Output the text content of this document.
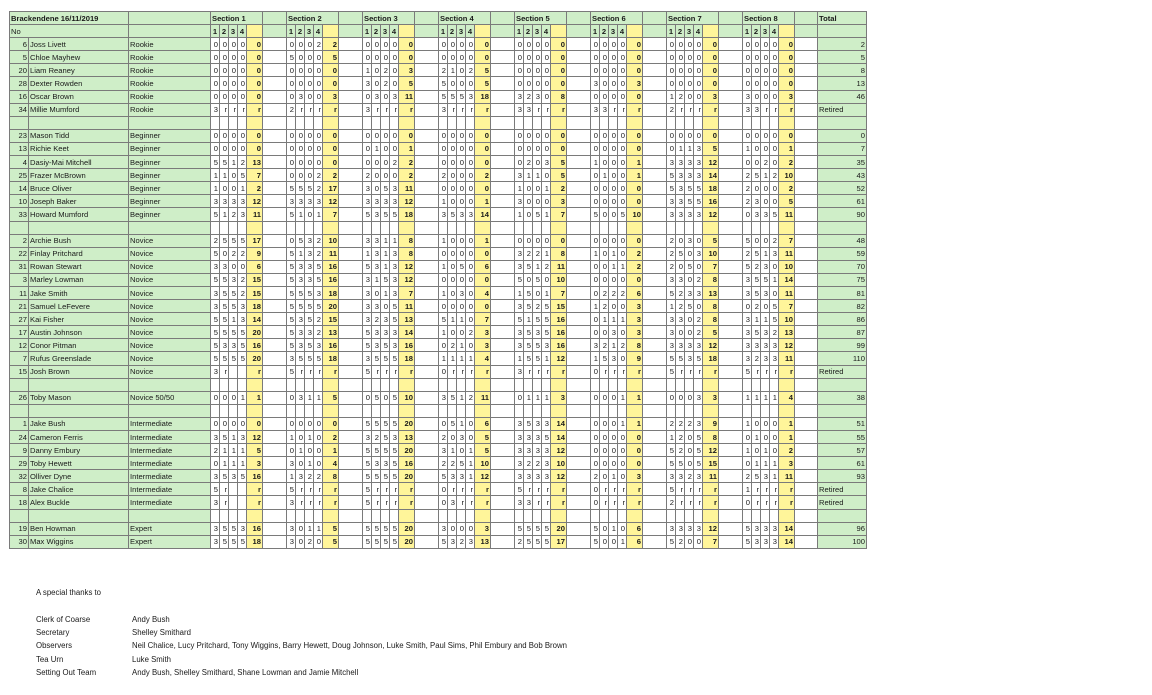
Brackendene 16/11/2019			Section 1						Section 2						Section 3						Section 4						Section 5						Section 6						Section 7						Section 8						Total
No			1	2	3	4			1	2	3	4			1	2	3	4			1	2	3	4			1	2	3	4			1	2	3	4			1	2	3	4			1	2	3	4			
6	Joss Livett	Rookie	0	0	0	0	0		0	0	0	2	2		0	0	0	0	0		0	0	0	0	0		0	0	0	0	0		0	0	0	0	0		0	0	0	0	0		0	0	0	0	0		2
5	Chloe Mayhew	Rookie	0	0	0	0	0		5	0	0	0	5		0	0	0	0	0		0	0	0	0	0		0	0	0	0	0		0	0	0	0	0		0	0	0	0	0		0	0	0	0	0		5
20	Liam Reaney	Rookie	0	0	0	0	0		0	0	0	0	0		1	0	2	0	3		2	1	0	2	5		0	0	0	0	0		0	0	0	0	0		0	0	0	0	0		0	0	0	0	0		8
28	Dexter Rowden	Rookie	0	0	0	0	0		0	0	0	0	0		3	0	2	0	5		5	0	0	0	5		0	0	0	0	0		3	0	0	0	3		0	0	0	0	0		0	0	0	0	0		13
16	Oscar Brown	Rookie	0	0	0	0	0		0	3	0	0	3		0	3	0	3	11		5	5	5	3	18		3	2	3	0	8		0	0	0	0	0		1	2	0	0	3		3	0	0	0	3		46
34	Millie Mumford	Rookie	3	r	r	r	r		2	r	r	r	r		3	r	r	r	r		3	r	r	r	r		3	3	r	r	r		3	3	r	r	r		2	r	r	r	r		3	3	r	r	r		Retired

23	Mason Tidd	Beginner	0	0	0	0	0		0	0	0	0	0		0	0	0	0	0		0	0	0	0	0		0	0	0	0	0		0	0	0	0	0		0	0	0	0	0		0	0	0	0	0		0
13	Richie Keet	Beginner	0	0	0	0	0		0	0	0	0	0		0	1	0	0	1		0	0	0	0	0		0	0	0	0	0		0	0	0	0	0		0	1	1	3	5		1	0	0	0	1		7
4	Dasiy-Mai Mitchell	Beginner	5	5	1	2	13		0	0	0	0	0		0	0	0	2	2		0	0	0	0	0		0	2	0	3	5		1	0	0	0	1		3	3	3	3	12		0	0	2	0	2		35
25	Frazer McBrown	Beginner	1	1	0	5	7		0	0	0	2	2		2	0	0	0	2		2	0	0	0	2		3	1	1	0	5		0	1	0	0	1		5	3	3	3	14		2	5	1	2	10		43
14	Bruce Oliver	Beginner	1	0	0	1	2		5	5	5	2	17		3	0	5	3	11		0	0	0	0	0		1	0	0	1	2		0	0	0	0	0		5	3	5	5	18		2	0	0	0	2		52
10	Joseph Baker	Beginner	3	3	3	3	12		3	3	3	3	12		3	3	3	3	12		1	0	0	0	1		3	0	0	0	3		0	0	0	0	0		3	3	5	5	16		2	3	0	0	5		61
33	Howard Mumford	Beginner	5	1	2	3	11		5	1	0	1	7		5	3	5	5	18		3	5	3	3	14		1	0	5	1	7		5	0	0	5	10		3	3	3	3	12		0	3	3	5	11		90

2	Archie Bush	Novice	2	5	5	5	17		0	5	3	2	10		3	3	1	1	8		1	0	0	0	1		0	0	0	0	0		0	0	0	0	0		2	0	3	0	5		5	0	0	2	7		48
22	Finlay Pritchard	Novice	5	0	2	2	9		5	1	3	2	11		1	3	1	3	8		0	0	0	0	0		3	2	2	1	8		1	0	1	0	2		2	5	0	3	10		2	5	1	3	11		59
31	Rowan Stewart	Novice	3	3	0	0	6		5	3	3	5	16		5	3	1	3	12		1	0	5	0	6		3	5	1	2	11		0	0	1	1	2		2	0	5	0	7		5	2	3	0	10		70
3	Marley Lowman	Novice	5	5	3	2	15		5	3	3	5	16		3	1	5	3	12		0	0	0	0	0		5	0	5	0	10		0	0	0	0	0		3	3	0	2	8		3	5	5	1	14		75
11	Jake Smith	Novice	3	5	5	2	15		5	5	5	3	18		3	0	1	3	7		1	0	3	0	4		1	5	0	1	7		0	2	2	2	6		5	2	3	3	13		3	5	3	0	11		81
21	Samuel LeFevere	Novice	3	5	5	3	18		5	5	5	5	20		3	3	0	5	11		0	0	0	0	0		3	5	2	5	15		1	2	0	0	3		1	2	5	0	8		0	2	0	5	7		82
27	Kai Fisher	Novice	5	5	1	3	14		5	3	5	2	15		3	2	3	5	13		5	1	1	0	7		5	1	5	5	16		0	1	1	1	3		3	3	0	2	8		3	1	1	5	10		86
17	Austin Johnson	Novice	5	5	5	5	20		5	3	3	2	13		5	3	3	3	14		1	0	0	2	3		3	5	3	5	16		0	0	3	0	3		3	0	0	2	5		3	5	3	2	13		87
12	Conor Pitman	Novice	5	3	3	5	16		5	3	5	3	16		5	3	5	3	16		0	2	1	0	3		3	5	5	3	16		3	2	1	2	8		3	3	3	3	12		3	3	3	3	12		99
7	Rufus Greenslade	Novice	5	5	5	5	20		3	5	5	5	18		3	5	5	5	18		1	1	1	1	4		1	5	5	1	12		1	5	3	0	9		5	5	3	5	18		3	2	3	3	11		110
15	Josh Brown	Novice	3	r			r		5	r	r	r	r		5	r	r	r	r		0	r	r	r	r		3	r	r	r	r		0	r	r	r	r		5	r	r	r	r		5	r	r	r	r		Retired

26	Toby Mason	Novice 50/50	0	0	0	1	1		0	3	1	1	5		0	5	0	5	10		3	5	1	2	11		0	1	1	1	3		0	0	0	1	1		0	0	0	3	3		1	1	1	1	4		38

1	Jake Bush	Intermediate	0	0	0	0	0		0	0	0	0	0		5	5	5	5	20		0	5	1	0	6		3	5	3	3	14		0	0	0	1	1		2	2	2	3	9		1	0	0	0	1		51
24	Cameron Ferris	Intermediate	3	5	1	3	12		1	0	1	0	2		3	2	5	3	13		2	0	3	0	5		3	3	3	5	14		0	0	0	0	0		1	2	0	5	8		0	1	0	0	1		55
9	Danny Embury	Intermediate	2	1	1	1	5		0	1	0	0	1		5	5	5	5	20		3	1	0	1	5		3	3	3	3	12		0	0	0	0	0		5	2	0	5	12		1	0	1	0	2		57
29	Toby Hewett	Intermediate	0	1	1	1	3		3	0	1	0	4		5	3	3	5	16		2	2	5	1	10		3	2	2	3	10		0	0	0	0	0		5	5	0	5	15		0	1	1	1	3		61
32	Olliver Dyne	Intermediate	3	5	3	5	16		1	3	2	2	8		5	5	5	5	20		5	3	3	1	12		3	3	3	3	12		2	0	1	0	3		3	3	2	3	11		2	5	3	1	11		93
8	Jake Chalice	Intermediate	5	r			r		5	r	r	r	r		5	r	r	r	r		0	r	r	r	r		5	r	r	r	r		0	r	r	r	r		5	r	r	r	r		1	r	r	r	r		Retired
18	Alex Buckle	Intermediate	3	r			r		3	r	r	r	r		5	r	r	r	r		0	3	r	r	r		3	3	r	r	r		0	r	r	r	r		2	r	r	r	r		0	r	r	r	r		Retired

19	Ben Howman	Expert	3	5	5	3	16		3	0	1	1	5		5	5	5	5	20		3	0	0	0	3		5	5	5	5	20		5	0	1	0	6		3	3	3	3	12		5	3	3	3	14		96
30	Max Wiggins	Expert	3	5	5	5	18		3	0	2	0	5		5	5	5	5	20		5	3	2	3	13		2	5	5	5	17		5	0	0	1	6		5	2	0	0	7		5	3	3	3	14		100
A special thanks to
Clerk of Coarse	Andy Bush
Secretary	Shelley Smithard
Observers	Neil Chalice, Lucy Pritchard, Tony Wiggins, Barry Hewett, Doug Johnson, Luke Smith, Paul Sims, Phil Embury and Bob Brown
Tea Urn	Luke Smith
Setting Out Team	Andy Bush, Shelley Smithard, Shane Lowman and Jamie Mitchell
